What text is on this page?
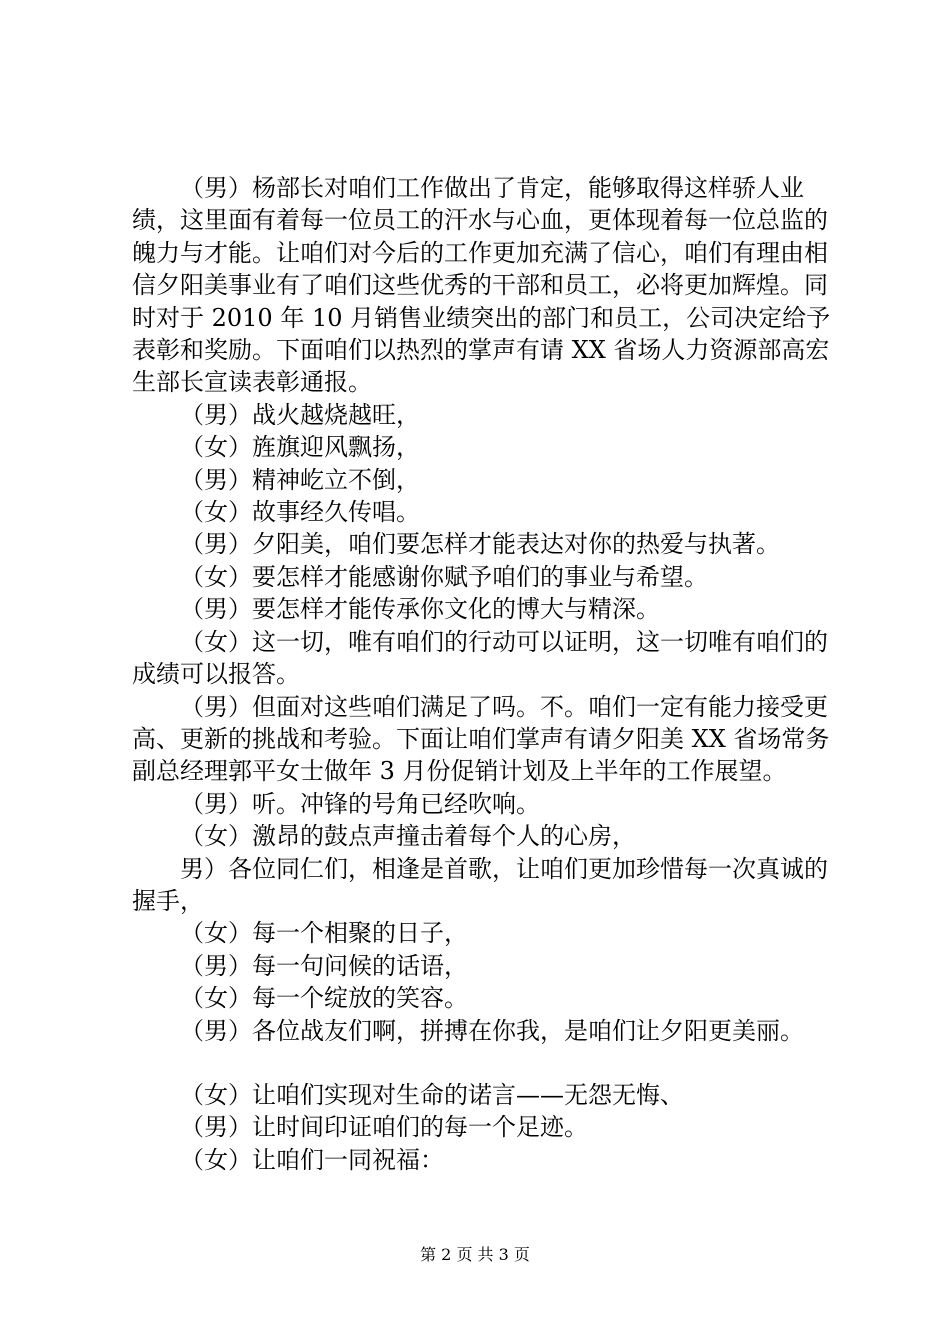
（男）杨部长对咱们工作做出了肯定，能够取得这样骄人业绩，这里面有着每一位员工的汗水与心血，更体现着每一位总监的魄力与才能。让咱们对今后的工作更加充满了信心，咱们有理由相信夕阳美事业有了咱们这些优秀的干部和员工，必将更加辉煌。同时对于 2010 年 10 月销售业绩突出的部门和员工，公司决定给予表彰和奖励。下面咱们以热烈的掌声有请 XX 省场人力资源部高宏生部长宣读表彰通报。

（男）战火越烧越旺，

（女）旌旗迎风飘扬，

（男）精神屹立不倒，

（女）故事经久传唱。

（男）夕阳美，咱们要怎样才能表达对你的热爱与执著。

（女）要怎样才能感谢你赋予咱们的事业与希望。

（男）要怎样才能传承你文化的博大与精深。

（女）这一切，唯有咱们的行动可以证明，这一切唯有咱们的成绩可以报答。

（男）但面对这些咱们满足了吗。不。咱们一定有能力接受更高、更新的挑战和考验。下面让咱们掌声有请夕阳美 XX 省场常务副总经理郭平女士做年 3 月份促销计划及上半年的工作展望。

（男）听。冲锋的号角已经吹响。

（女）激昂的鼓点声撞击着每个人的心房，

男）各位同仁们，相逢是首歌，让咱们更加珍惜每一次真诚的握手，

（女）每一个相聚的日子，

（男）每一句问候的话语，

（女）每一个绽放的笑容。

（男）各位战友们啊，拼搏在你我，是咱们让夕阳更美丽。

（女）让咱们实现对生命的诺言——无怨无悔、

（男）让时间印证咱们的每一个足迹。

（女）让咱们一同祝福：

第 2 页 共 3 页
